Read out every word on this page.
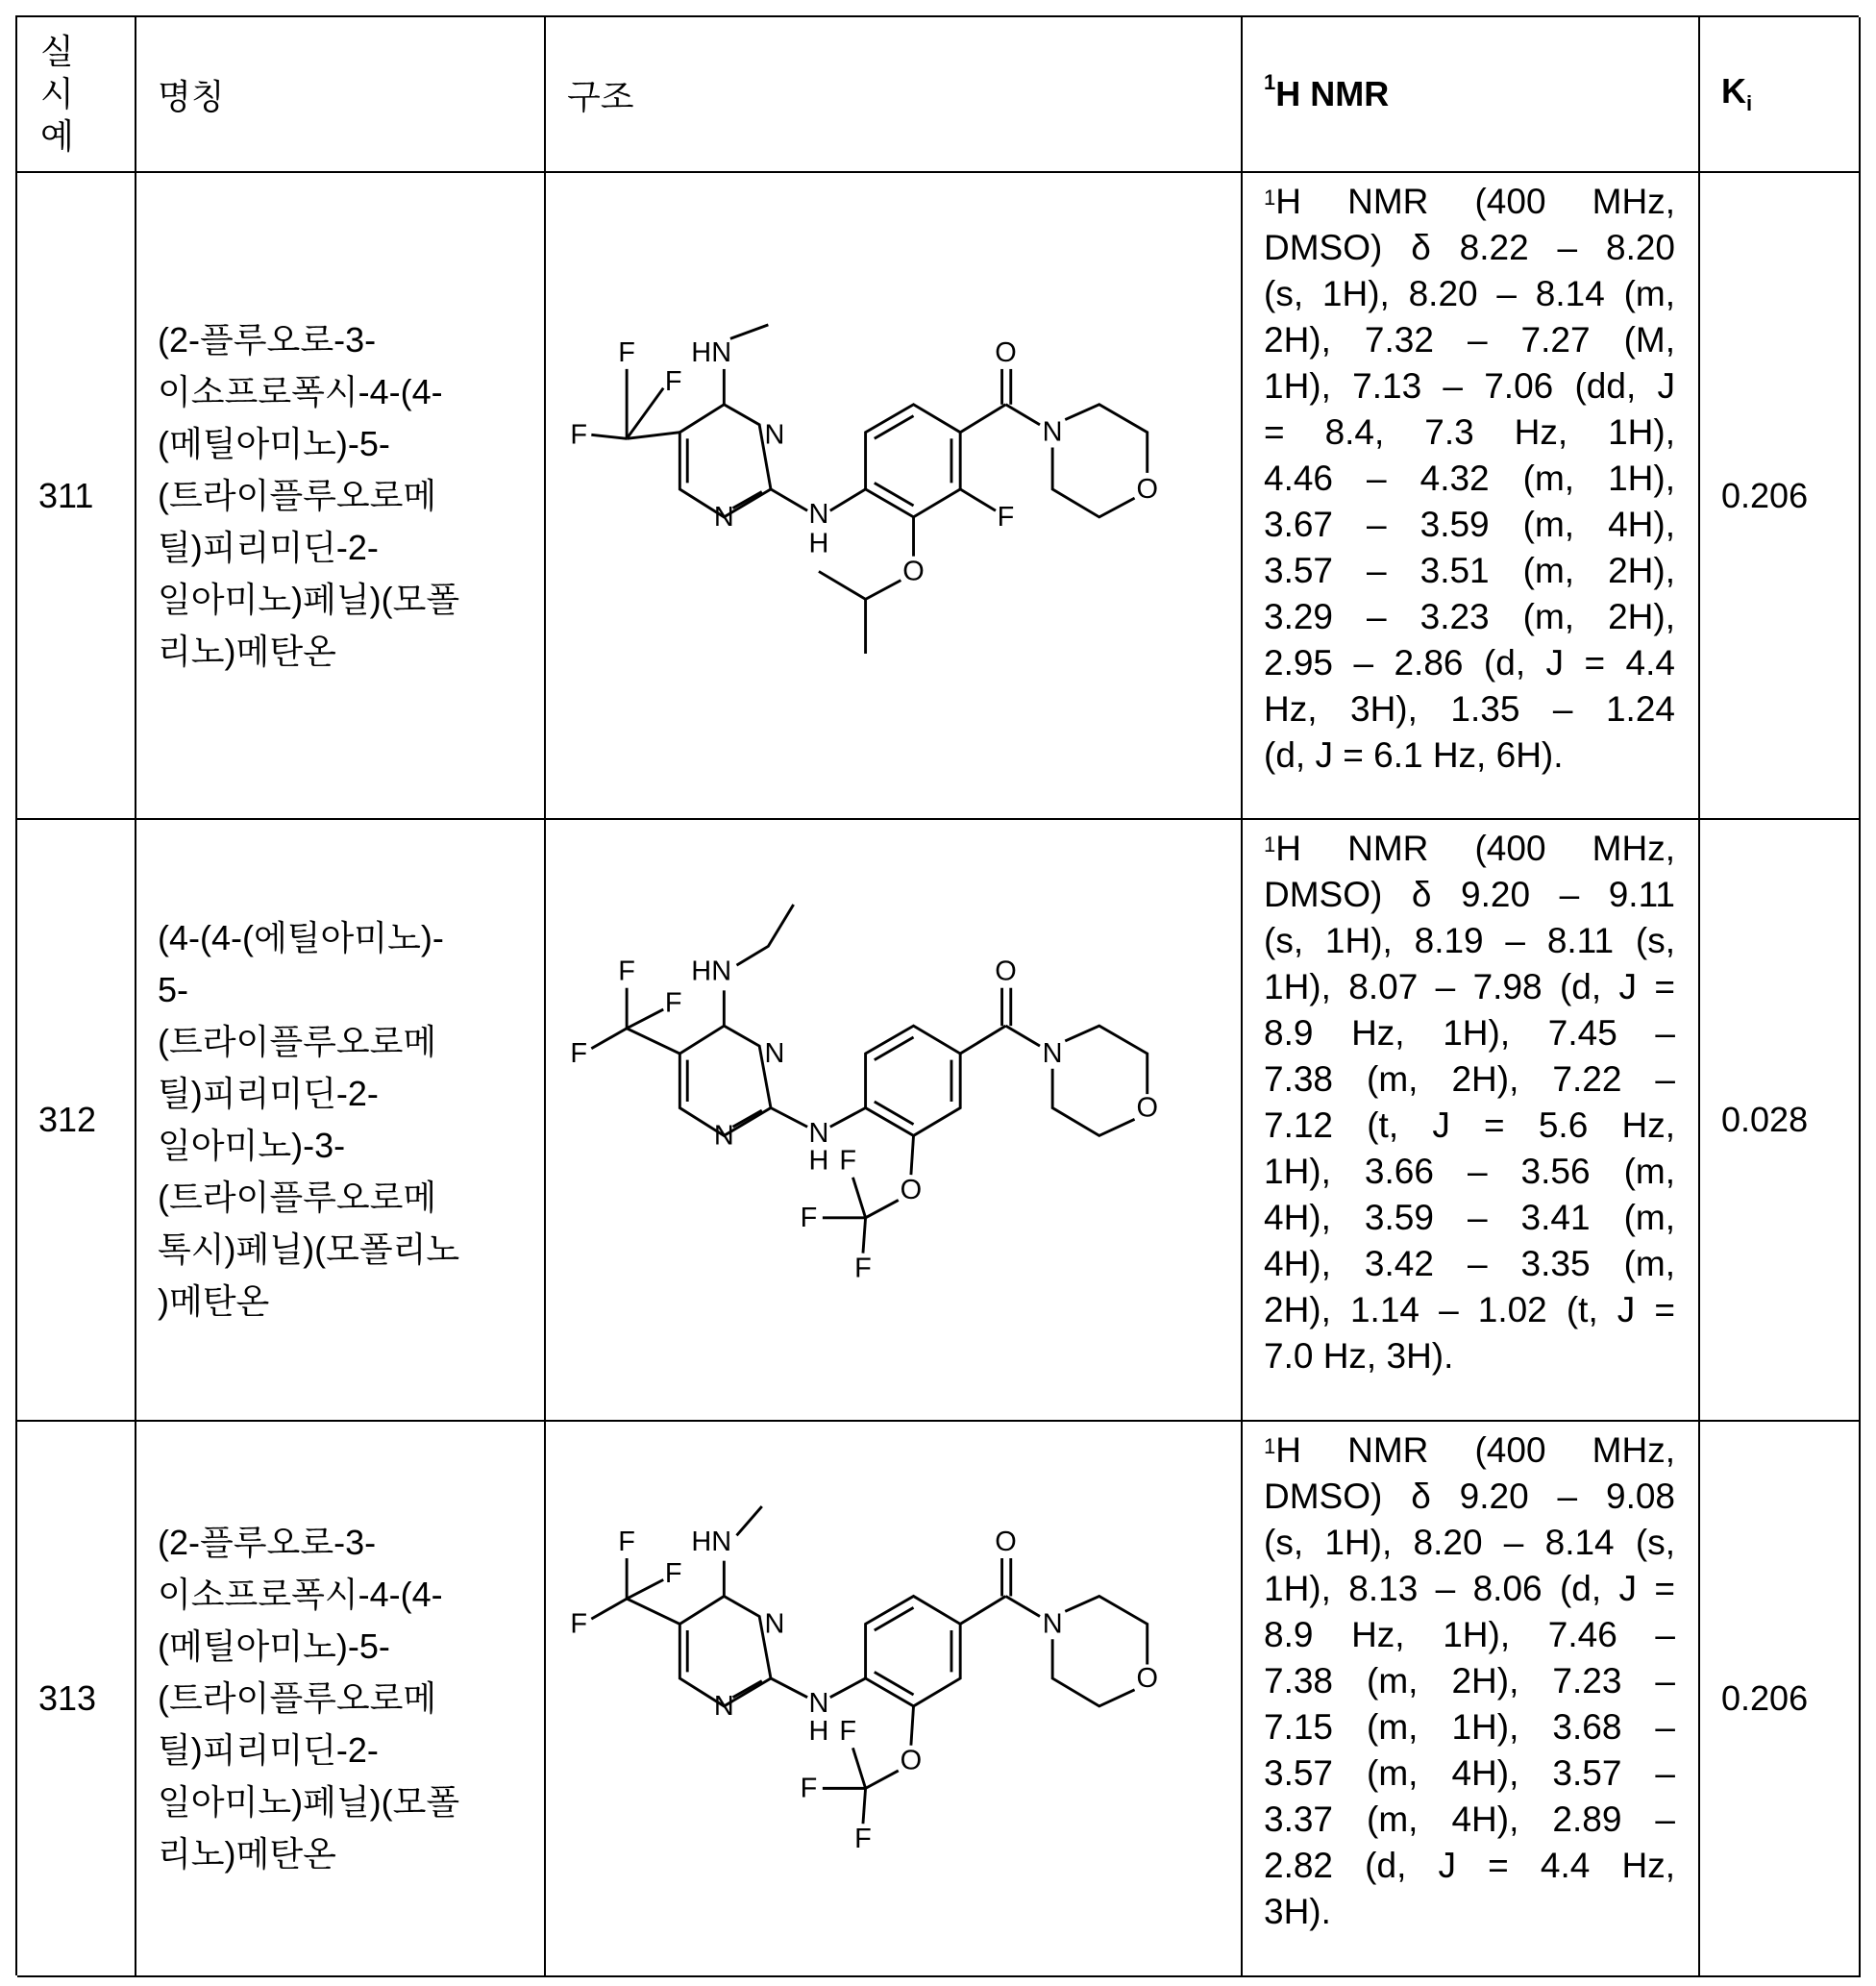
실
시
예
명칭	구조	1H NMR	Ki
311
(2-플루오로-3-
이소프로폭시-4-(4-
(메틸아미노)-5-
(트라이플루오로메
틸)피리미딘-2-
일아미노)페닐)(모폴
리노)메탄온
HN
N
N
F
F
F
N
H
O
N
O
F
O
1H NMR (400 MHz,
DMSO) δ 8.22 – 8.20
(s, 1H), 8.20 – 8.14 (m,
2H), 7.32 – 7.27 (M,
1H), 7.13 – 7.06 (dd, J
= 8.4, 7.3 Hz, 1H),
4.46 – 4.32 (m, 1H),
3.67 – 3.59 (m, 4H),
3.57 – 3.51 (m, 2H),
3.29 – 3.23 (m, 2H),
2.95 – 2.86 (d, J = 4.4
Hz, 3H), 1.35 – 1.24
(d, J = 6.1 Hz, 6H).
0.206
312
(4-(4-(에틸아미노)-
5-
(트라이플루오로메
틸)피리미딘-2-
일아미노)-3-
(트라이플루오로메
톡시)페닐)(모폴리노
)메탄온
HN
N
N
F
F
F
N
H
O
N
O
O
F
F
F
1H NMR (400 MHz,
DMSO) δ 9.20 – 9.11
(s, 1H), 8.19 – 8.11 (s,
1H), 8.07 – 7.98 (d, J =
8.9 Hz, 1H), 7.45 –
7.38 (m, 2H), 7.22 –
7.12 (t, J = 5.6 Hz,
1H), 3.66 – 3.56 (m,
4H), 3.59 – 3.41 (m,
4H), 3.42 – 3.35 (m,
2H), 1.14 – 1.02 (t, J =
7.0 Hz, 3H).
0.028
313
(2-플루오로-3-
이소프로폭시-4-(4-
(메틸아미노)-5-
(트라이플루오로메
틸)피리미딘-2-
일아미노)페닐)(모폴
리노)메탄온
1H NMR (400 MHz,
DMSO) δ 9.20 – 9.08
(s, 1H), 8.20 – 8.14 (s,
1H), 8.13 – 8.06 (d, J =
8.9 Hz, 1H), 7.46 –
7.38 (m, 2H), 7.23 –
7.15 (m, 1H), 3.68 –
3.57 (m, 4H), 3.57 –
3.37 (m, 4H), 2.89 –
2.82 (d, J = 4.4 Hz,
3H).
0.206
